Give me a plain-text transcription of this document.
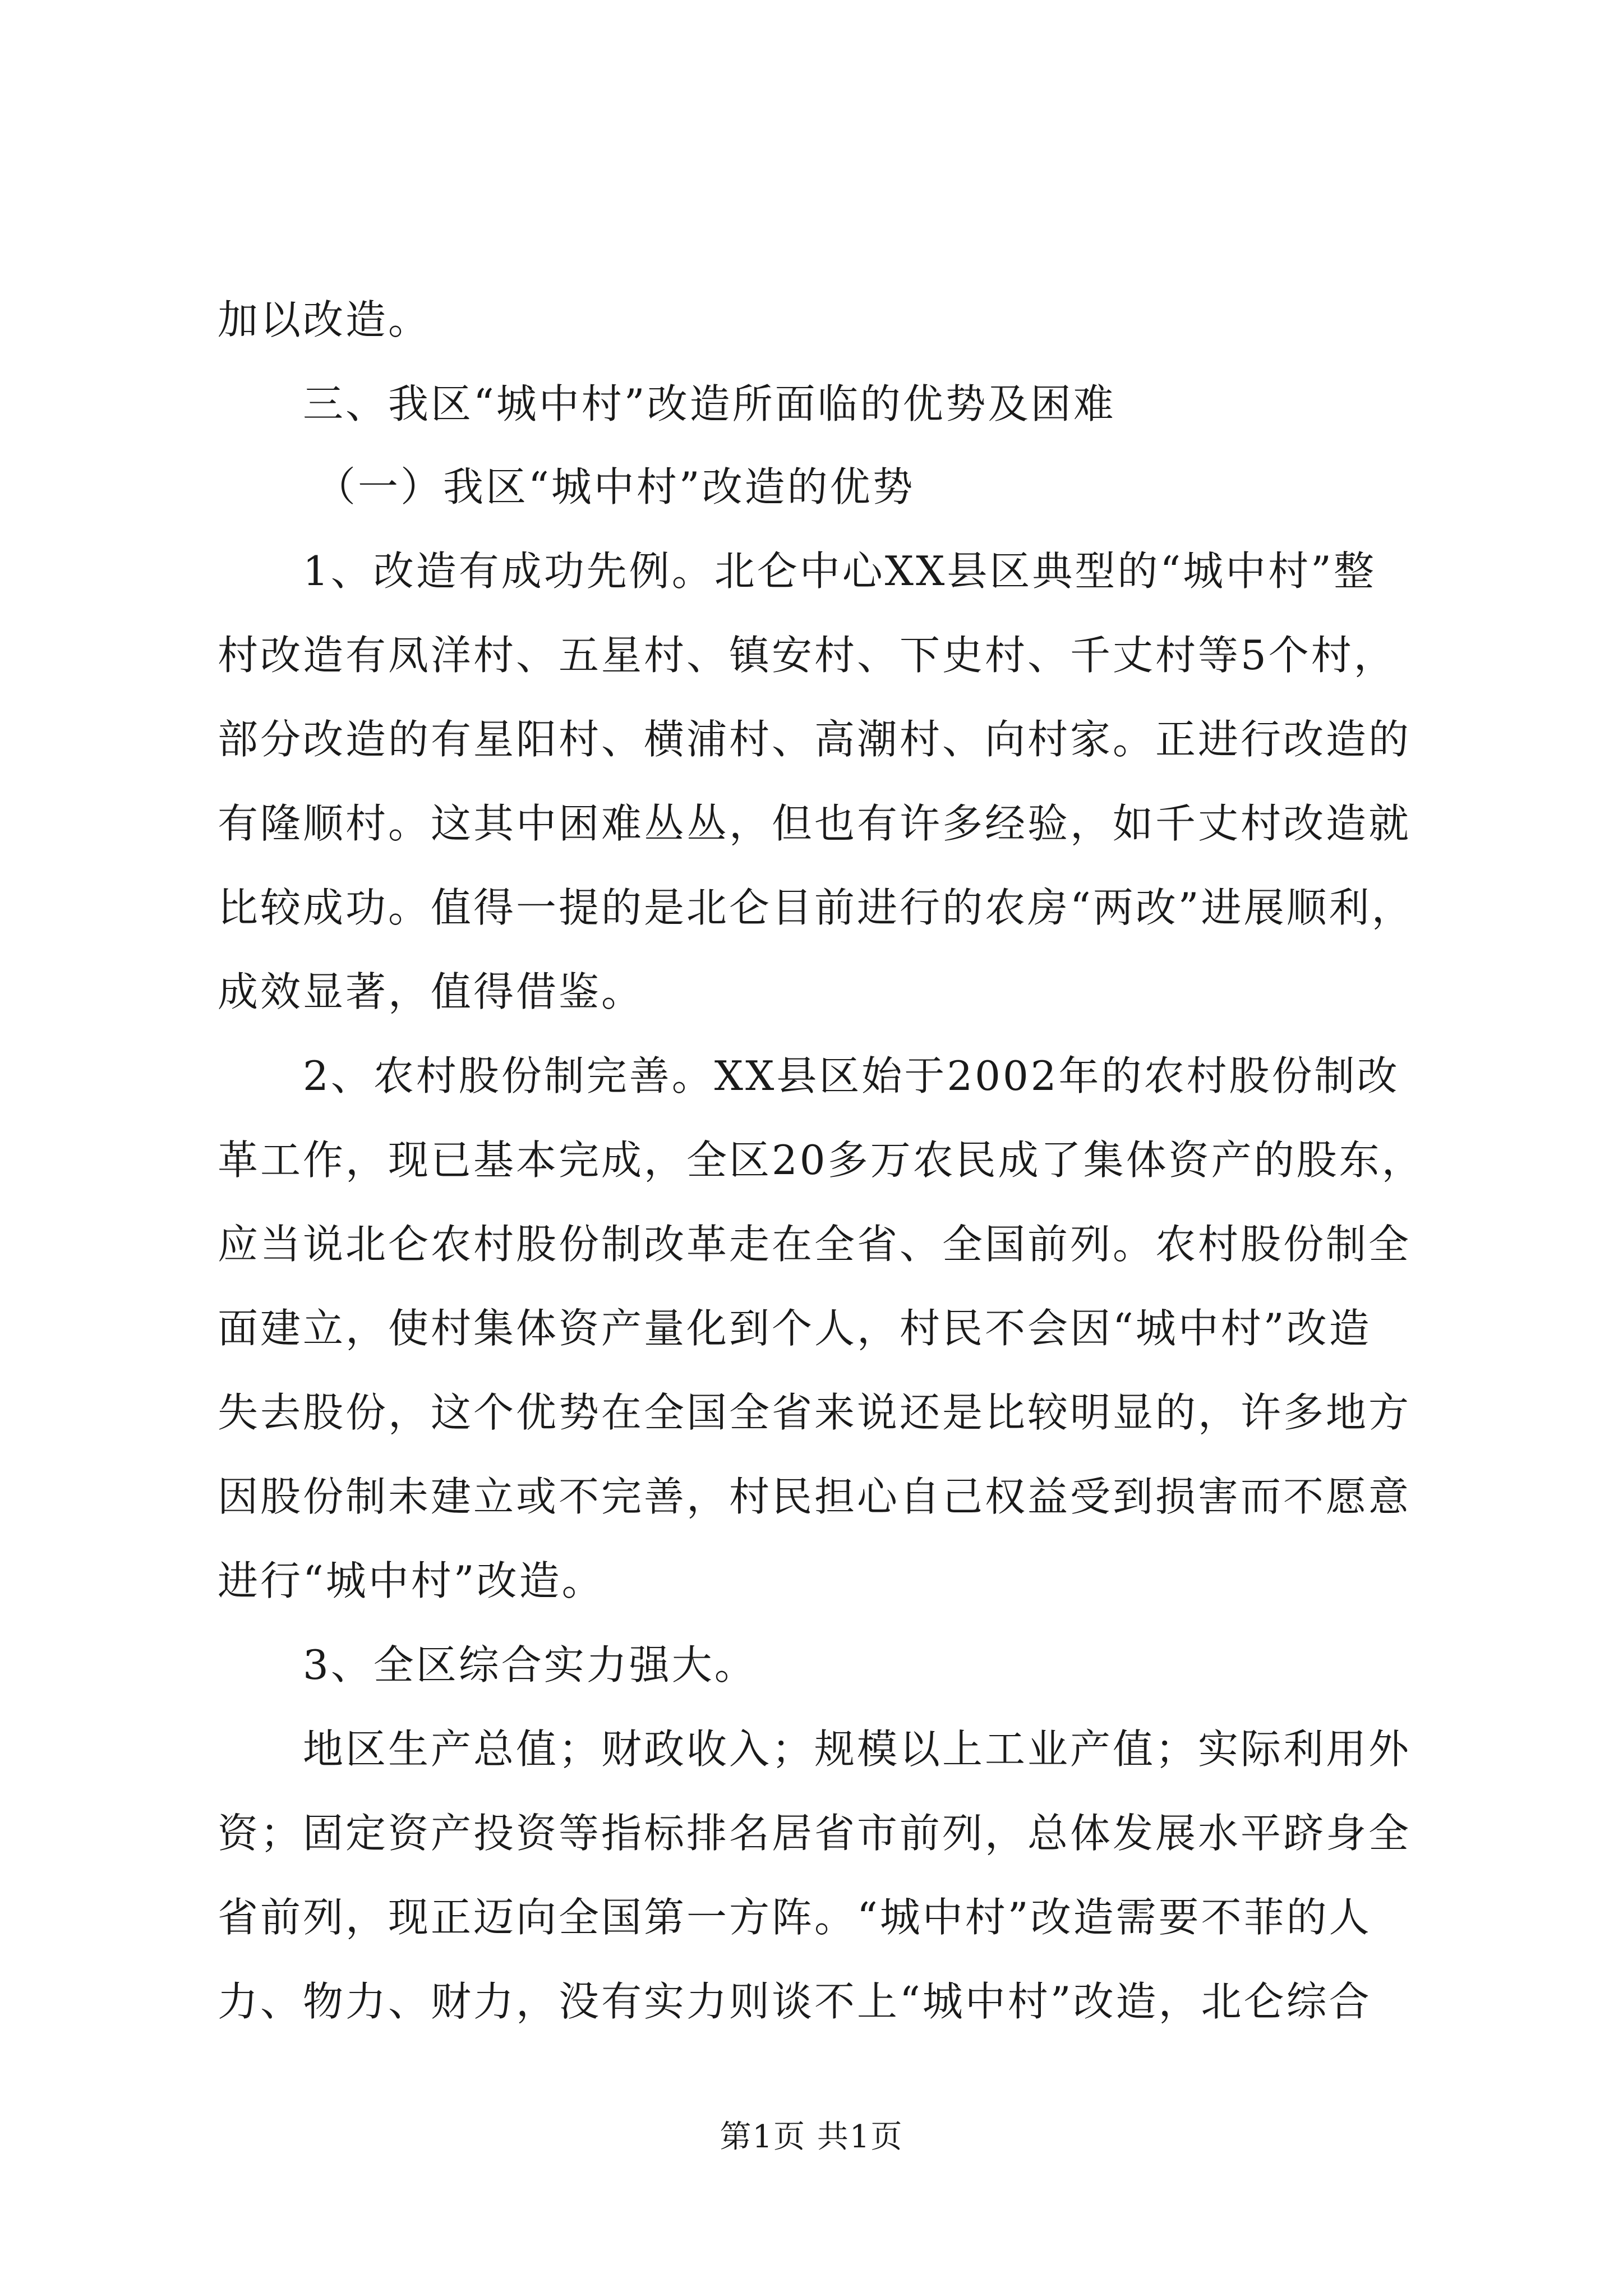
加以改造。
三、我区“城中村”改造所面临的优势及困难
（一）我区“城中村”改造的优势
1、改造有成功先例。北仑中心XX县区典型的“城中村”整
村改造有凤洋村、五星村、镇安村、下史村、千丈村等5个村，
部分改造的有星阳村、横浦村、高潮村、向村家。正进行改造的
有隆顺村。这其中困难丛丛，但也有许多经验，如千丈村改造就
比较成功。值得一提的是北仑目前进行的农房“两改”进展顺利，
成效显著，值得借鉴。
2、农村股份制完善。XX县区始于2002年的农村股份制改
革工作，现已基本完成，全区20多万农民成了集体资产的股东，
应当说北仑农村股份制改革走在全省、全国前列。农村股份制全
面建立，使村集体资产量化到个人，村民不会因“城中村”改造
失去股份，这个优势在全国全省来说还是比较明显的，许多地方
因股份制未建立或不完善，村民担心自己权益受到损害而不愿意
进行“城中村”改造。
3、全区综合实力强大。
地区生产总值；财政收入；规模以上工业产值；实际利用外
资；固定资产投资等指标排名居省市前列，总体发展水平跻身全
省前列，现正迈向全国第一方阵。“城中村”改造需要不菲的人
力、物力、财力，没有实力则谈不上“城中村”改造，北仑综合
第1页 共1页
